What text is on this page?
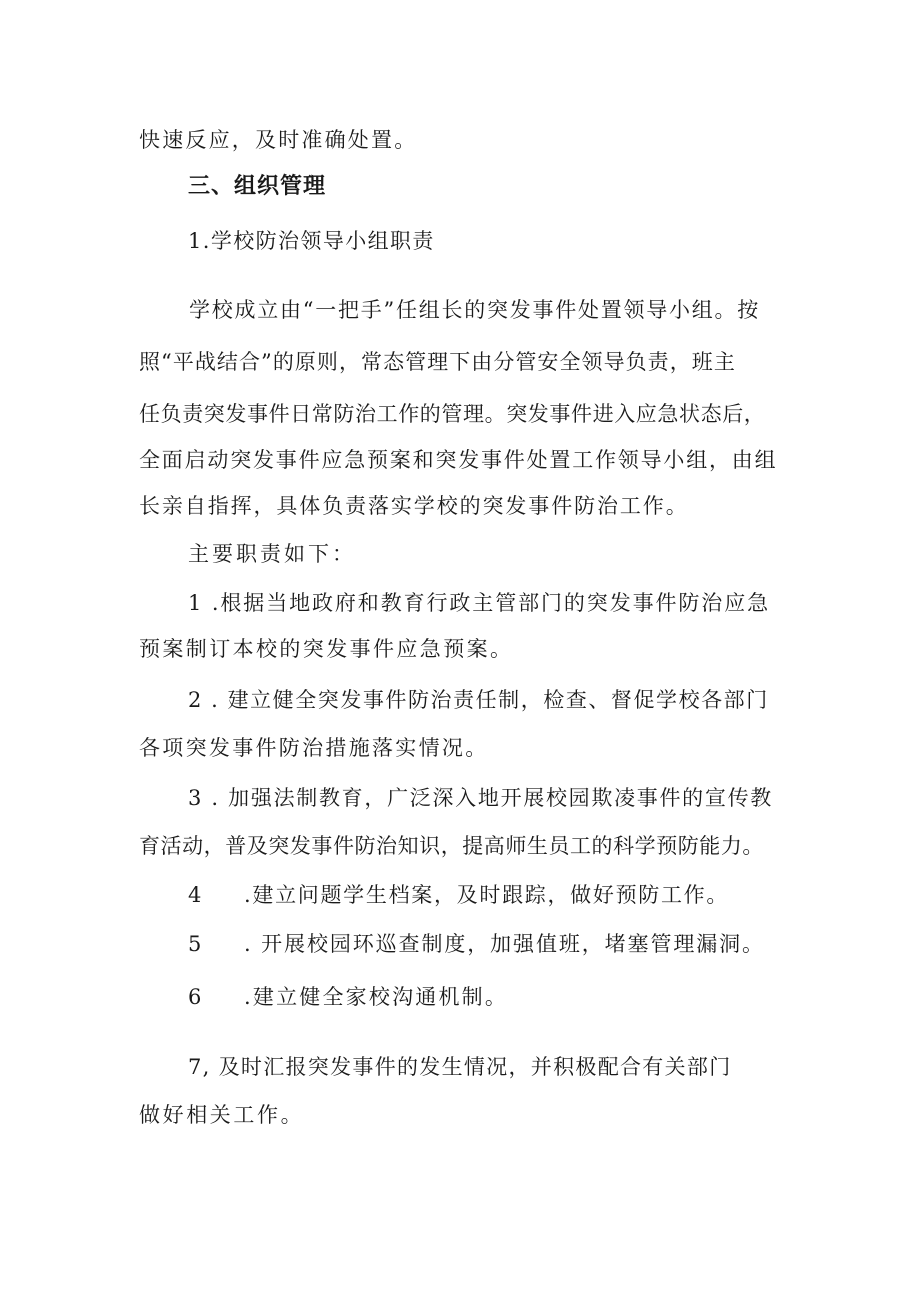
快速反应，及时准确处置。
三、组织管理
1.学校防治领导小组职责
学校成立由“一把手”任组长的突发事件处置领导小组。按
照“平战结合”的原则，常态管理下由分管安全领导负责，班主
任负责突发事件日常防治工作的管理。突发事件进入应急状态后，
全面启动突发事件应急预案和突发事件处置工作领导小组，由组
长亲自指挥，具体负责落实学校的突发事件防治工作。
主要职责如下：
1 .根据当地政府和教育行政主管部门的突发事件防治应急
预案制订本校的突发事件应急预案。
2 . 建立健全突发事件防治责任制，检查、督促学校各部门
各项突发事件防治措施落实情况。
3 . 加强法制教育，广泛深入地开展校园欺凌事件的宣传教
育活动，普及突发事件防治知识，提高师生员工的科学预防能力。
4 .建立问题学生档案，及时跟踪，做好预防工作。
5 . 开展校园环巡查制度，加强值班，堵塞管理漏洞。
6 .建立健全家校沟通机制。
7, 及时汇报突发事件的发生情况，并积极配合有关部门
做好相关工作。
